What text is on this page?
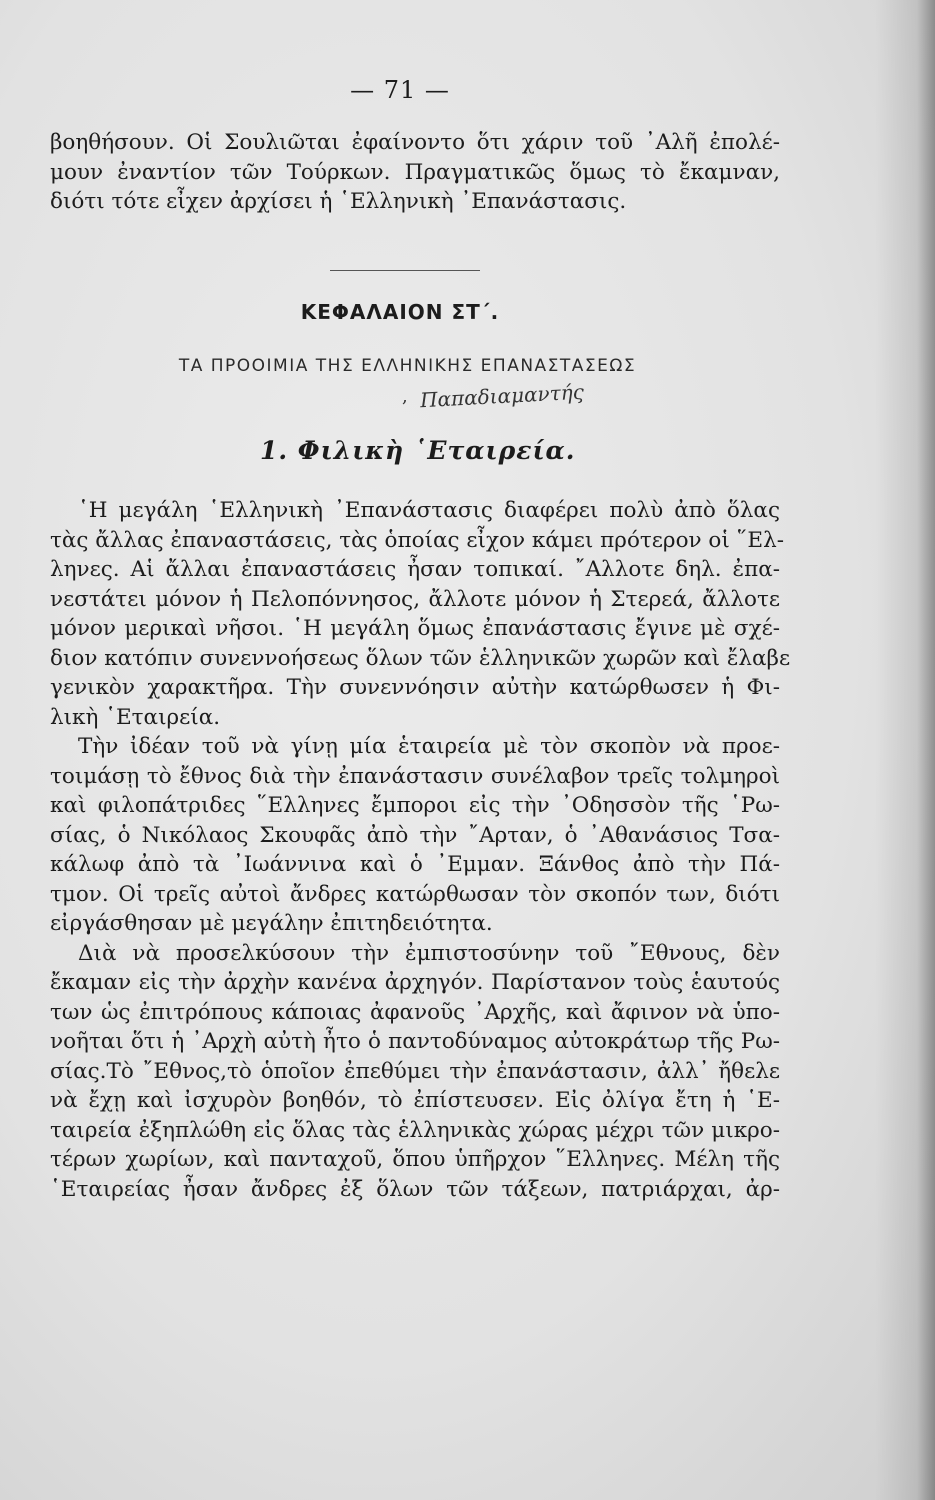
— 71 —
βοηθήσουν. Οἱ Σουλιῶται ἐφαίνοντο ὅτι χάριν τοῦ ᾿Αλῆ ἐπολέ-
μουν ἐναντίον τῶν Τούρκων. Πραγματικῶς ὅμως τὸ ἔκαμναν,
διότι τότε εἶχεν ἀρχίσει ἡ ῾Ελληνικὴ ᾿Επανάστασις.
ΚΕΦΑΛΑΙΟΝ ΣΤ΄.
ΤΑ ΠΡΟΟΙΜΙΑ ΤΗΣ ΕΛΛΗΝΙΚΗΣ ΕΠΑΝΑΣΤΑΣΕΩΣ
, Παπαδιαμαντής
1. Φιλικὴ ῾Εταιρεία.
῾Η μεγάλη ῾Ελληνικὴ ᾿Επανάστασις διαφέρει πολὺ ἀπὸ ὅλας
τὰς ἄλλας ἐπαναστάσεις, τὰς ὁποίας εἶχον κάμει πρότερον οἱ ῞Ελ-
ληνες. Αἱ ἄλλαι ἐπαναστάσεις ἦσαν τοπικαί. ῎Αλλοτε δηλ. ἐπα-
νεστάτει μόνον ἡ Πελοπόννησος, ἄλλοτε μόνον ἡ Στερεά, ἄλλοτε
μόνον μερικαὶ νῆσοι. ῾Η μεγάλη ὅμως ἐπανάστασις ἔγινε μὲ σχέ-
διον κατόπιν συνεννοήσεως ὅλων τῶν ἑλληνικῶν χωρῶν καὶ ἔλαβε
γενικὸν χαρακτῆρα. Τὴν συνεννόησιν αὐτὴν κατώρθωσεν ἡ Φι-
λικὴ ῾Εταιρεία.
Τὴν ἰδέαν τοῦ νὰ γίνῃ μία ἑταιρεία μὲ τὸν σκοπὸν νὰ προε-
τοιμάσῃ τὸ ἔθνος διὰ τὴν ἐπανάστασιν συνέλαβον τρεῖς τολμηροὶ
καὶ φιλοπάτριδες ῞Ελληνες ἔμποροι εἰς τὴν ᾿Οδησσὸν τῆς ῾Ρω-
σίας, ὁ Νικόλαος Σκουφᾶς ἀπὸ τὴν ῎Αρταν, ὁ ᾿Αθανάσιος Τσα-
κάλωφ ἀπὸ τὰ ᾿Ιωάννινα καὶ ὁ ᾿Εμμαν. Ξάνθος ἀπὸ τὴν Πά-
τμον. Οἱ τρεῖς αὐτοὶ ἄνδρες κατώρθωσαν τὸν σκοπόν των, διότι
εἰργάσθησαν μὲ μεγάλην ἐπιτηδειότητα.
Διὰ νὰ προσελκύσουν τὴν ἐμπιστοσύνην τοῦ ῎Εθνους, δὲν
ἔκαμαν εἰς τὴν ἀρχὴν κανένα ἀρχηγόν. Παρίστανον τοὺς ἑαυτούς
των ὡς ἐπιτρόπους κάποιας ἀφανοῦς ᾿Αρχῆς, καὶ ἄφινον νὰ ὑπο-
νοῆται ὅτι ἡ ᾿Αρχὴ αὐτὴ ἦτο ὁ παντοδύναμος αὐτοκράτωρ τῆς Ρω-
σίας.Τὸ ῎Εθνος,τὸ ὁποῖον ἐπεθύμει τὴν ἐπανάστασιν, ἀλλ᾿ ἤθελε
νὰ ἔχῃ καὶ ἰσχυρὸν βοηθόν, τὸ ἐπίστευσεν. Εἰς ὀλίγα ἔτη ἡ ῾Ε-
ταιρεία ἐξηπλώθη εἰς ὅλας τὰς ἑλληνικὰς χώρας μέχρι τῶν μικρο-
τέρων χωρίων, καὶ πανταχοῦ, ὅπου ὑπῆρχον ῞Ελληνες. Μέλη τῆς
῾Εταιρείας ἦσαν ἄνδρες ἐξ ὅλων τῶν τάξεων, πατριάρχαι, ἀρ-
